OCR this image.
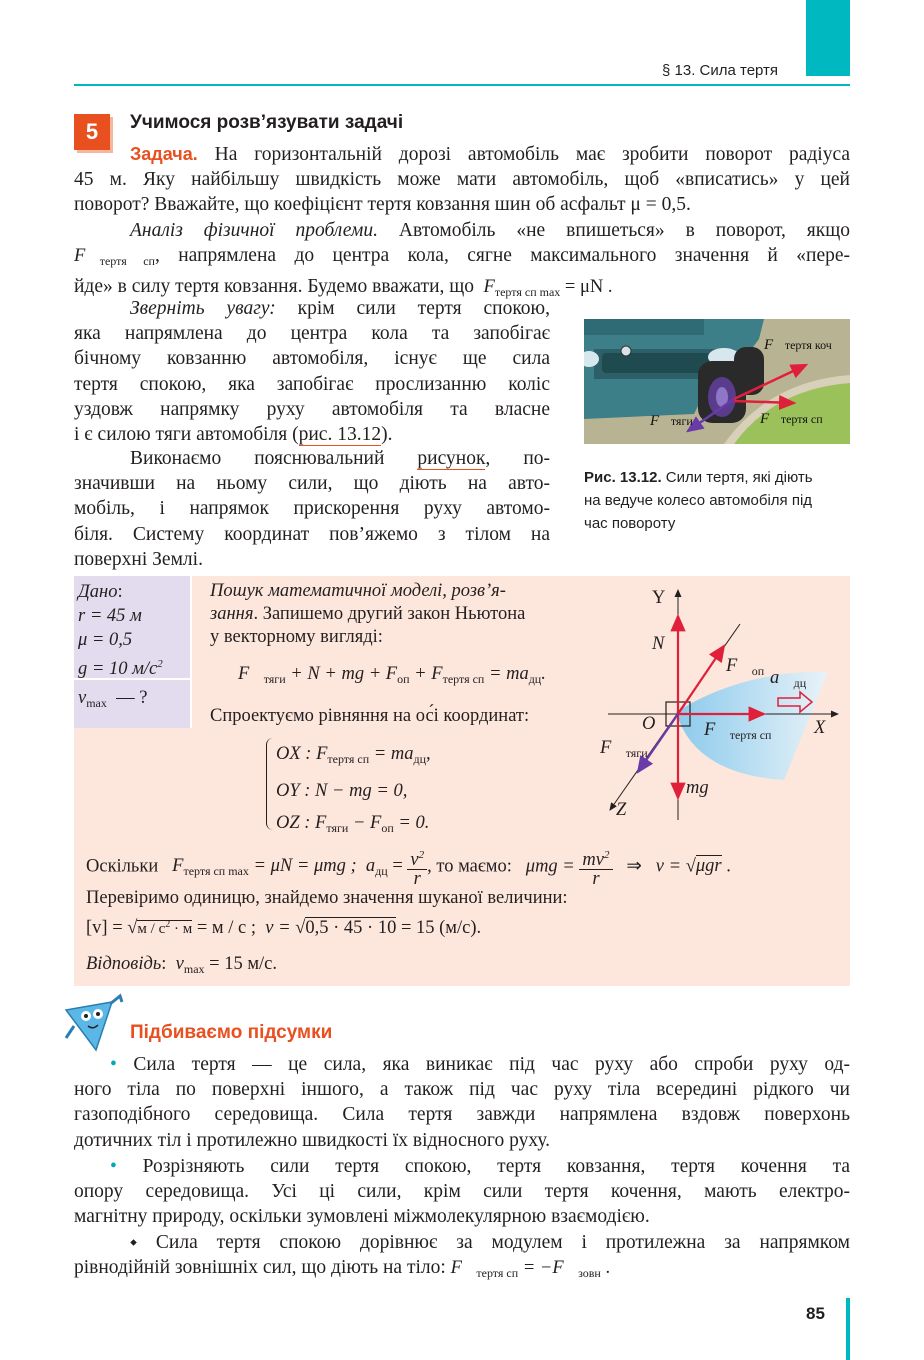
§ 13. Сила тертя
5	Учимося розв’язувати задачі
Задача. На горизонтальній дорозі автомобіль має зробити поворот радіуса
45 м. Яку найбільшу швидкість може мати автомобіль, щоб «вписатись» у цей
поворот? Вважайте, що коефіцієнт тертя ковзання шин об асфальт μ = 0,5.
Аналіз фізичної проблеми. Автомобіль «не впишеться» в поворот, якщо
$F⃗_{тертя сп}$, напрямлена до центра кола, сягне максимального значення й «пере-
йде» в силу тертя ковзання. Будемо вважати, що  $F_{тертя сп max} = \mu N$ .
Зверніть увагу: крім сили тертя спокою,
яка напрямлена до центра кола та запобігає
бічному ковзанню автомобіля, існує ще сила
тертя спокою, яка запобігає прослизанню коліс
уздовж напрямку руху автомобіля та власне
і є силою тяги автомобіля (рис. 13.12).
Виконаємо пояснювальний рисунок, по-
значивши на ньому сили, що діють на авто-
мобіль, і напрямок прискорення руху автомо-
біля. Систему координат пов’яжемо з тілом на
поверхні Землі.
Fтертя коч
Fтертя сп
Fтяги
Рис. 13.12. Сили тертя, які діють
на ведуче колесо автомобіля під
час повороту
Дано:
r = 45 м
μ = 0,5
g = 10 $м/с^2$
$v_{max}$ — ?
Пошук математичної моделі, розв’я-
зання. Запишемо другий закон Ньютона
у векторному вигляді:
$F⃗_{тяги} + N$ + mg + $F_{оп} + F_{тертя сп} = ma_{дц}$.
Спроектуємо рівняння на ос́і координат:
OX : $F_{тертя сп} = ma_{дц}$,
OY : N − mg = 0,
OZ : $F_{тяги} - F_{оп} = 0$.
Y
X
Z
O
N
$F_{оп}$ $a_{дц}$
$F_{тертя сп}$
$F_{тяги}$
mg
Оскільки $F_{тертя сп max} = \mu N = \mu mg$ ; $a_{дц} = \frac{v^2}{r}$ , то маємо: $\mu mg = \frac{mv^2}{r}$ ⇒ v = √μgr .
Перевіримо одиницю, знайдемо значення шуканої величини:
$[v] = √м / с^2 \cdot м = м / с$ ; v = √0,5 · 45 · 10 = 15 (м/с).
Відповідь: $v_{max} = 15$ м/с.
Підбиваємо підсумки
• Сила тертя — це сила, яка виникає під час руху або спроби руху од-
ного тіла по поверхні іншого, а також під час руху тіла всередині рідкого чи
газоподібного середовища. Сила тертя завжди напрямлена вздовж поверхонь
дотичних тіл і протилежно швидкості їх відносного руху.
• Розрізняють сили тертя спокою, тертя ковзання, тертя кочення та
опору середовища. Усі ці сили, крім сили тертя кочення, мають електро-
магнітну природу, оскільки зумовлені міжмолекулярною взаємодією.
⬩ Сила тертя спокою дорівнює за модулем і протилежна за напрямком
рівнодійній зовнішніх сил, що діють на тіло: $F_{тертя сп} = -F_{зовн}$ .
85
